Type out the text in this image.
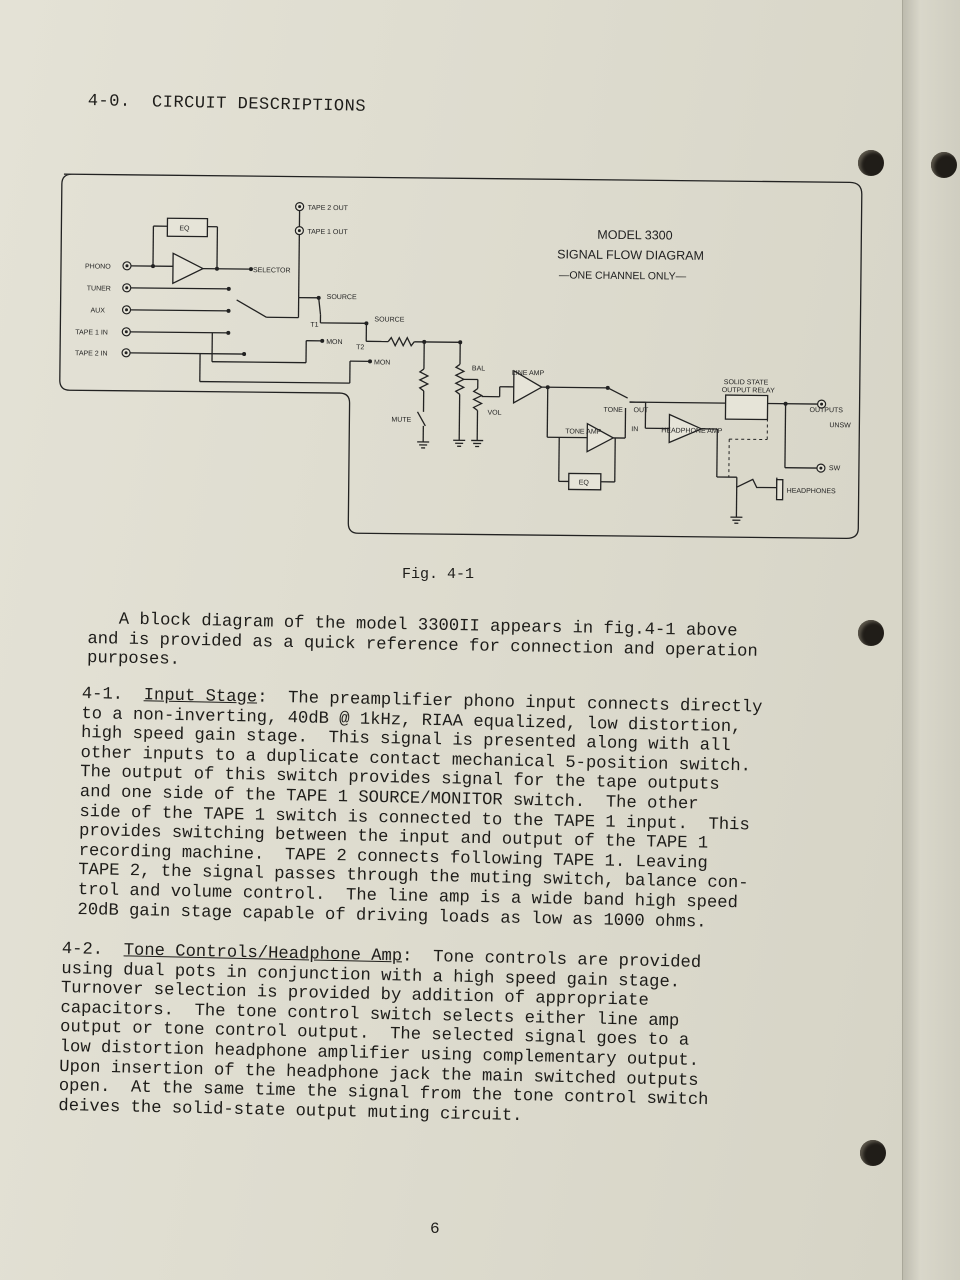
4-0.  CIRCUIT DESCRIPTIONS
PHONO
TUNER
AUX
TAPE 1 IN
TAPE 2 IN
EQ
SELECTOR
TAPE 2 OUT
TAPE 1 OUT
SOURCE
T1
MON
SOURCE
T2
MON
MUTE
BAL
VOL
LINE AMP
TONE OUT
IN
TONE AMP
EQ
HEADPHONE AMP
SOLID STATE
OUTPUT RELAY
OUTPUTS
UNSW
SW
HEADPHONES
MODEL 3300
SIGNAL FLOW DIAGRAM
—ONE CHANNEL ONLY—
Fig. 4-1

A block diagram of the model 3300II appears in fig.4-1 above
and is provided as a quick reference for connection and operation
purposes.

4-1.  Input Stage:  The preamplifier phono input connects directly
to a non-inverting, 40dB @ 1kHz, RIAA equalized, low distortion,
high speed gain stage.  This signal is presented along with all
other inputs to a duplicate contact mechanical 5-position switch.
The output of this switch provides signal for the tape outputs
and one side of the TAPE 1 SOURCE/MONITOR switch.  The other
side of the TAPE 1 switch is connected to the TAPE 1 input.  This
provides switching between the input and output of the TAPE 1
recording machine.  TAPE 2 connects following TAPE 1. Leaving
TAPE 2, the signal passes through the muting switch, balance con-
trol and volume control.  The line amp is a wide band high speed
20dB gain stage capable of driving loads as low as 1000 ohms.

4-2.  Tone Controls/Headphone Amp:  Tone controls are provided
using dual pots in conjunction with a high speed gain stage.
Turnover selection is provided by addition of appropriate
capacitors.  The tone control switch selects either line amp
output or tone control output.  The selected signal goes to a
low distortion headphone amplifier using complementary output.
Upon insertion of the headphone jack the main switched outputs
open.  At the same time the signal from the tone control switch
deives the solid-state output muting circuit.

6
